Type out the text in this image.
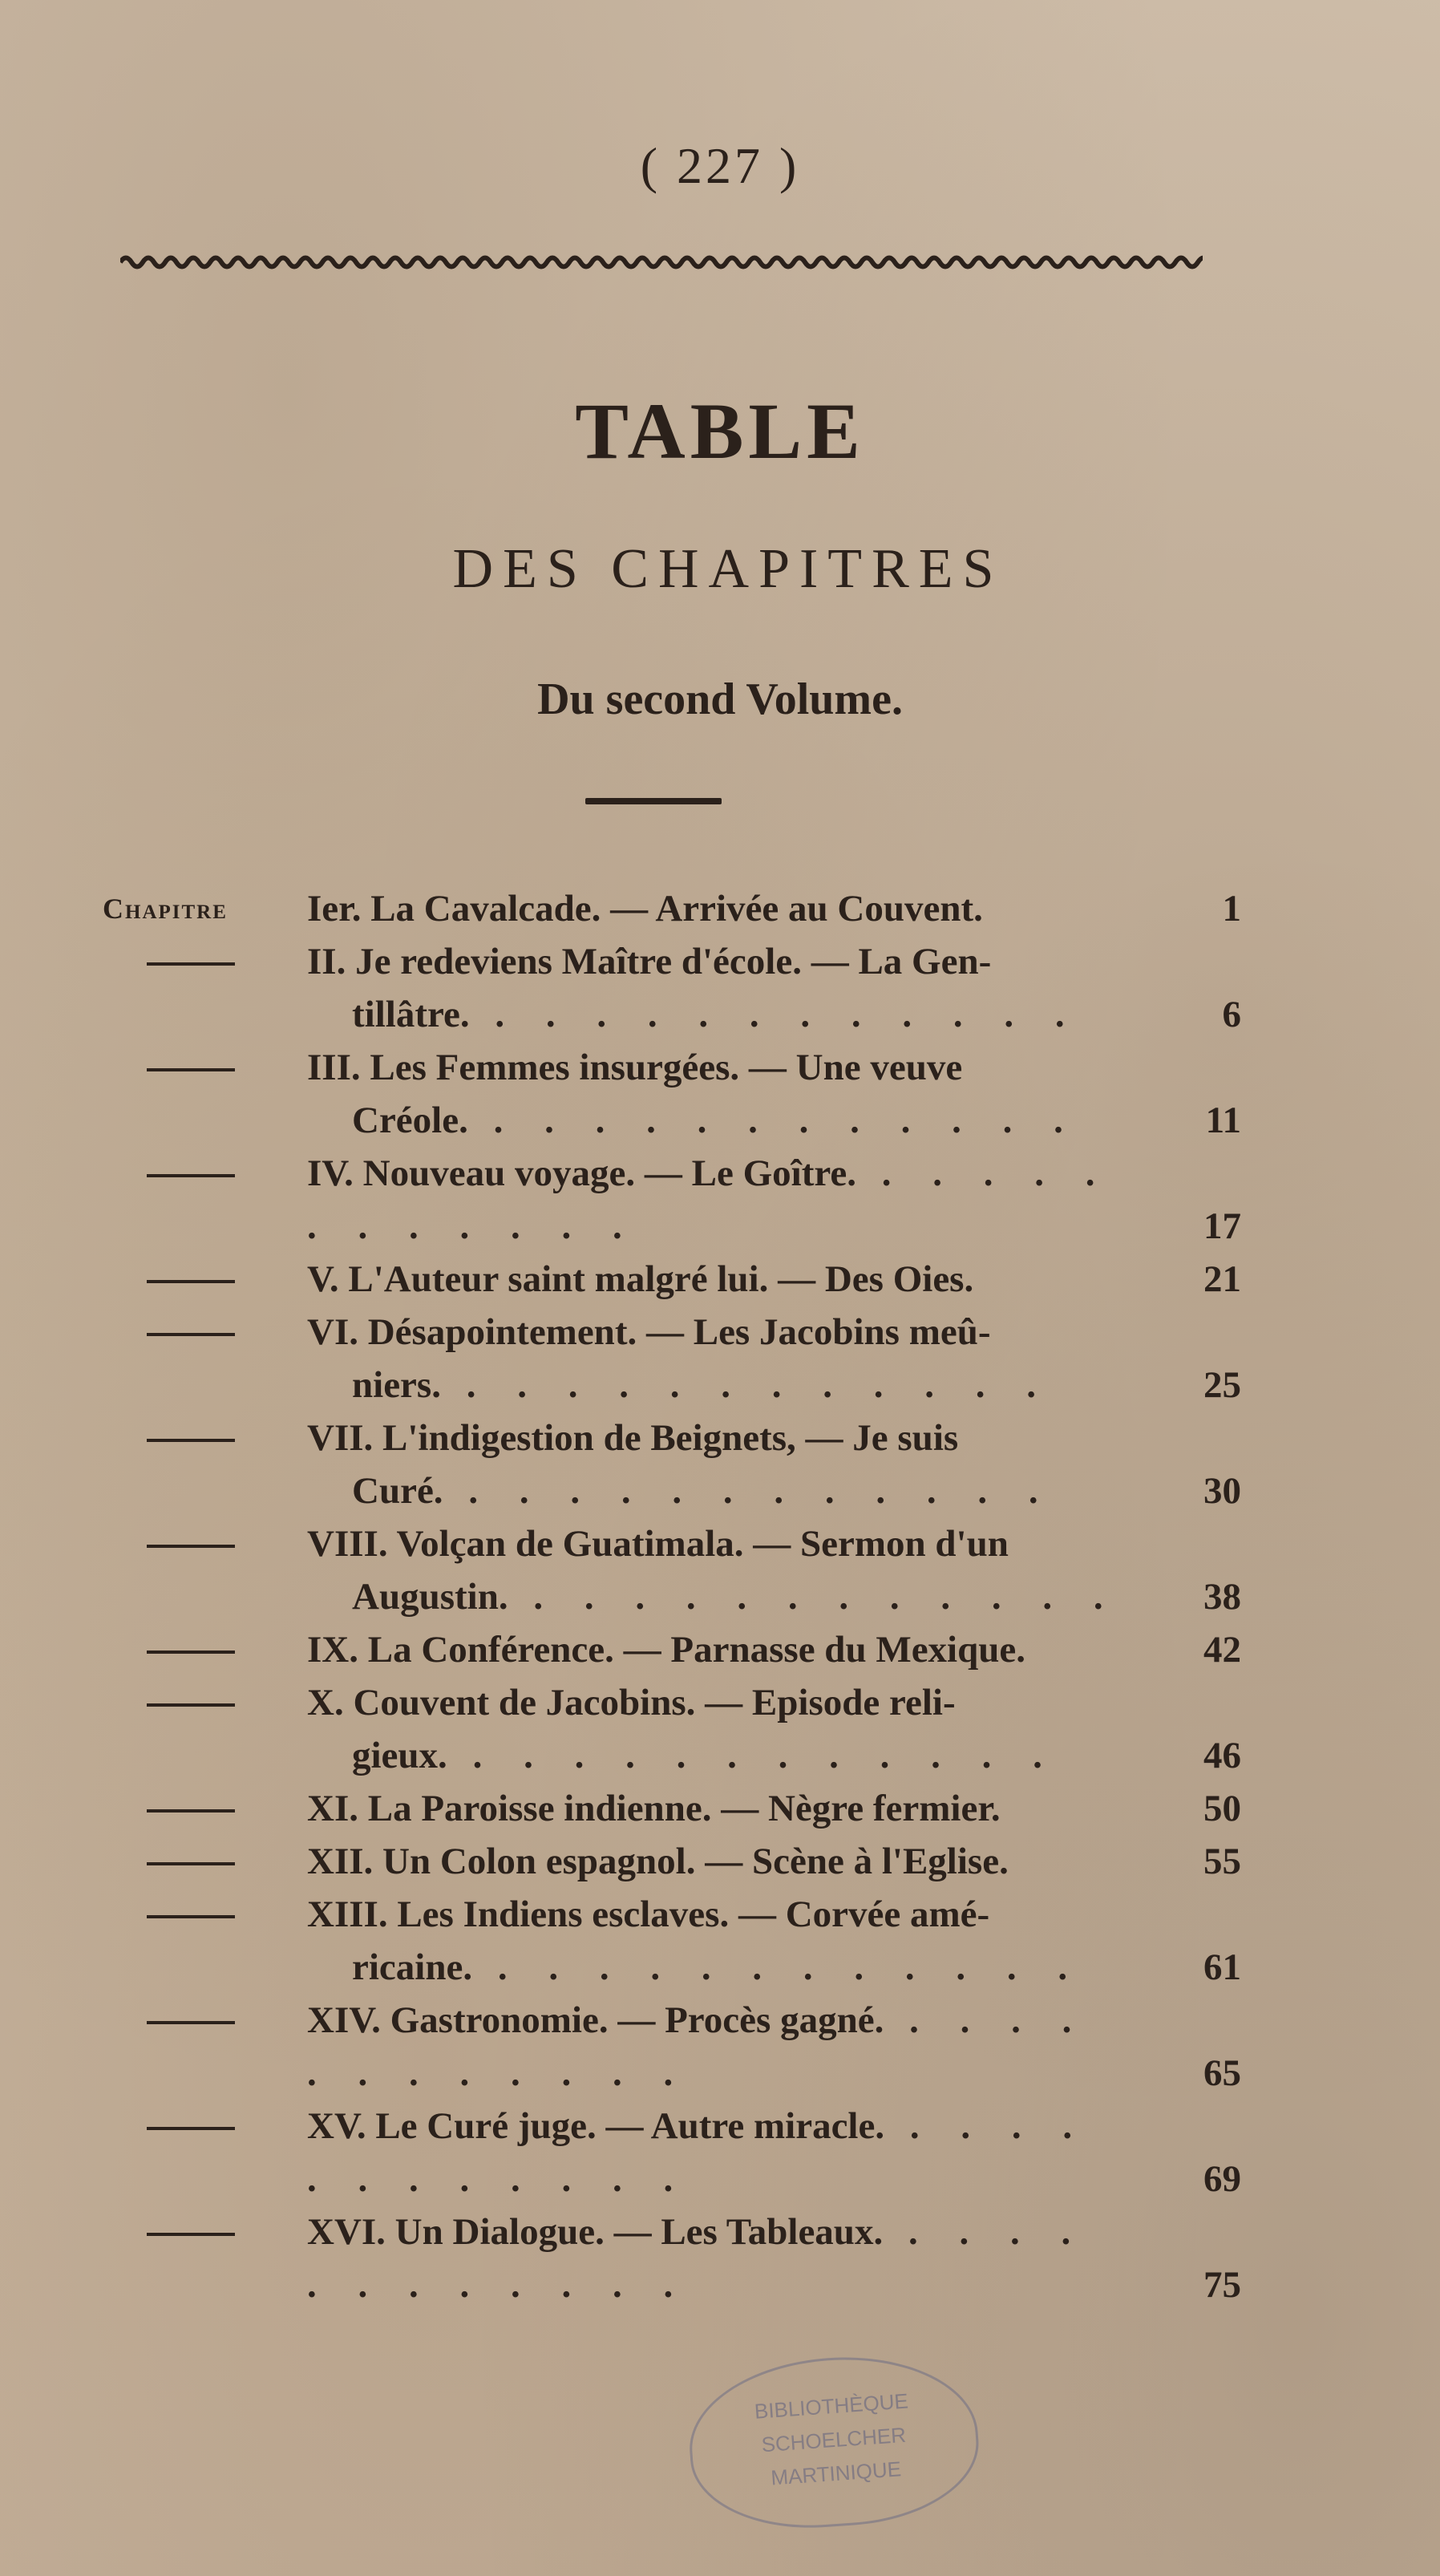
( 227 )
TABLE
DES CHAPITRES
Du second Volume.
Chapitre	Ier. La Cavalcade. — Arrivée au Couvent.	1
II. Je redeviens Maître d'école. — La Gen-
tillâtre. . . . . . . . . . . . .	6
III. Les Femmes insurgées. — Une veuve
Créole. . . . . . . . . . . . .	11
IV. Nouveau voyage. — Le Goître. . . . . . . . . . . . .	17
V. L'Auteur saint malgré lui. — Des Oies.	21
VI. Désapointement. — Les Jacobins meû-
niers. . . . . . . . . . . . .	25
VII. L'indigestion de Beignets, — Je suis
Curé. . . . . . . . . . . . .	30
VIII. Volçan de Guatimala. — Sermon d'un
Augustin. . . . . . . . . . . . .	38
IX. La Conférence. — Parnasse du Mexique.	42
X. Couvent de Jacobins. — Episode reli-
gieux. . . . . . . . . . . . .	46
XI. La Paroisse indienne. — Nègre fermier.	50
XII. Un Colon espagnol. — Scène à l'Eglise.	55
XIII. Les Indiens esclaves. — Corvée amé-
ricaine. . . . . . . . . . . . .	61
XIV. Gastronomie. — Procès gagné. . . . . . . . . . . . .	65
XV. Le Curé juge. — Autre miracle. . . . . . . . . . . . .	69
XVI. Un Dialogue. — Les Tableaux. . . . . . . . . . . . .	75
BIBLIOTHÈQUE
SCHOELCHER
MARTINIQUE
